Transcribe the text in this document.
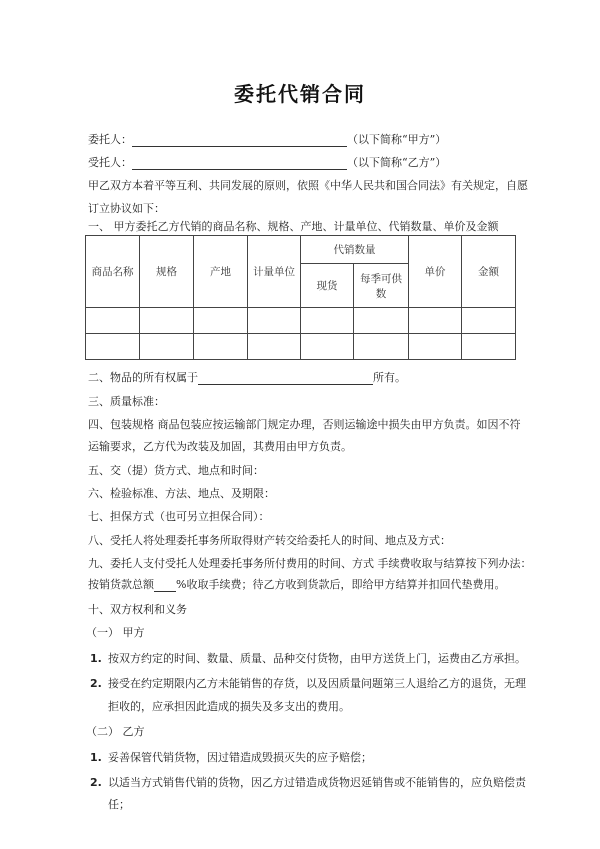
委托代销合同
委托人：	（以下简称“甲方”）
受托人：	（以下简称“乙方”）
甲乙双方本着平等互利、共同发展的原则，依照《中华人民共和国合同法》有关规定，自愿
订立协议如下：
一、 甲方委托乙方代销的商品名称、规格、产地、计量单位、代销数量、单价及金额
商品名称	规格	产地	计量单位	代销数量		单价	金额
				现货	每季可供数		

二、物品的所有权属于	所有。
三、质量标准：
四、包装规格 商品包装应按运输部门规定办理，否则运输途中损失由甲方负责。如因不符
运输要求，乙方代为改装及加固，其费用由甲方负责。
五、交（提）货方式、地点和时间：
六、检验标准、方法、地点、及期限：
七、担保方式（也可另立担保合同）：
八、受托人将处理委托事务所取得财产转交给委托人的时间、地点及方式：
九、委托人支付受托人处理委托事务所付费用的时间、方式 手续费收取与结算按下列办法：
按销货款总额 %收取手续费；待乙方收到货款后，即给甲方结算并扣回代垫费用。
十、双方权利和义务
（一） 甲方
1. 按双方约定的时间、数量、质量、品种交付货物，由甲方送货上门，运费由乙方承担。
2. 接受在约定期限内乙方未能销售的存货，以及因质量问题第三人退给乙方的退货，无理
拒收的，应承担因此造成的损失及多支出的费用。
（二） 乙方
1. 妥善保管代销货物，因过错造成毁损灭失的应予赔偿；
2. 以适当方式销售代销的货物，因乙方过错造成货物迟延销售或不能销售的，应负赔偿责
任；
